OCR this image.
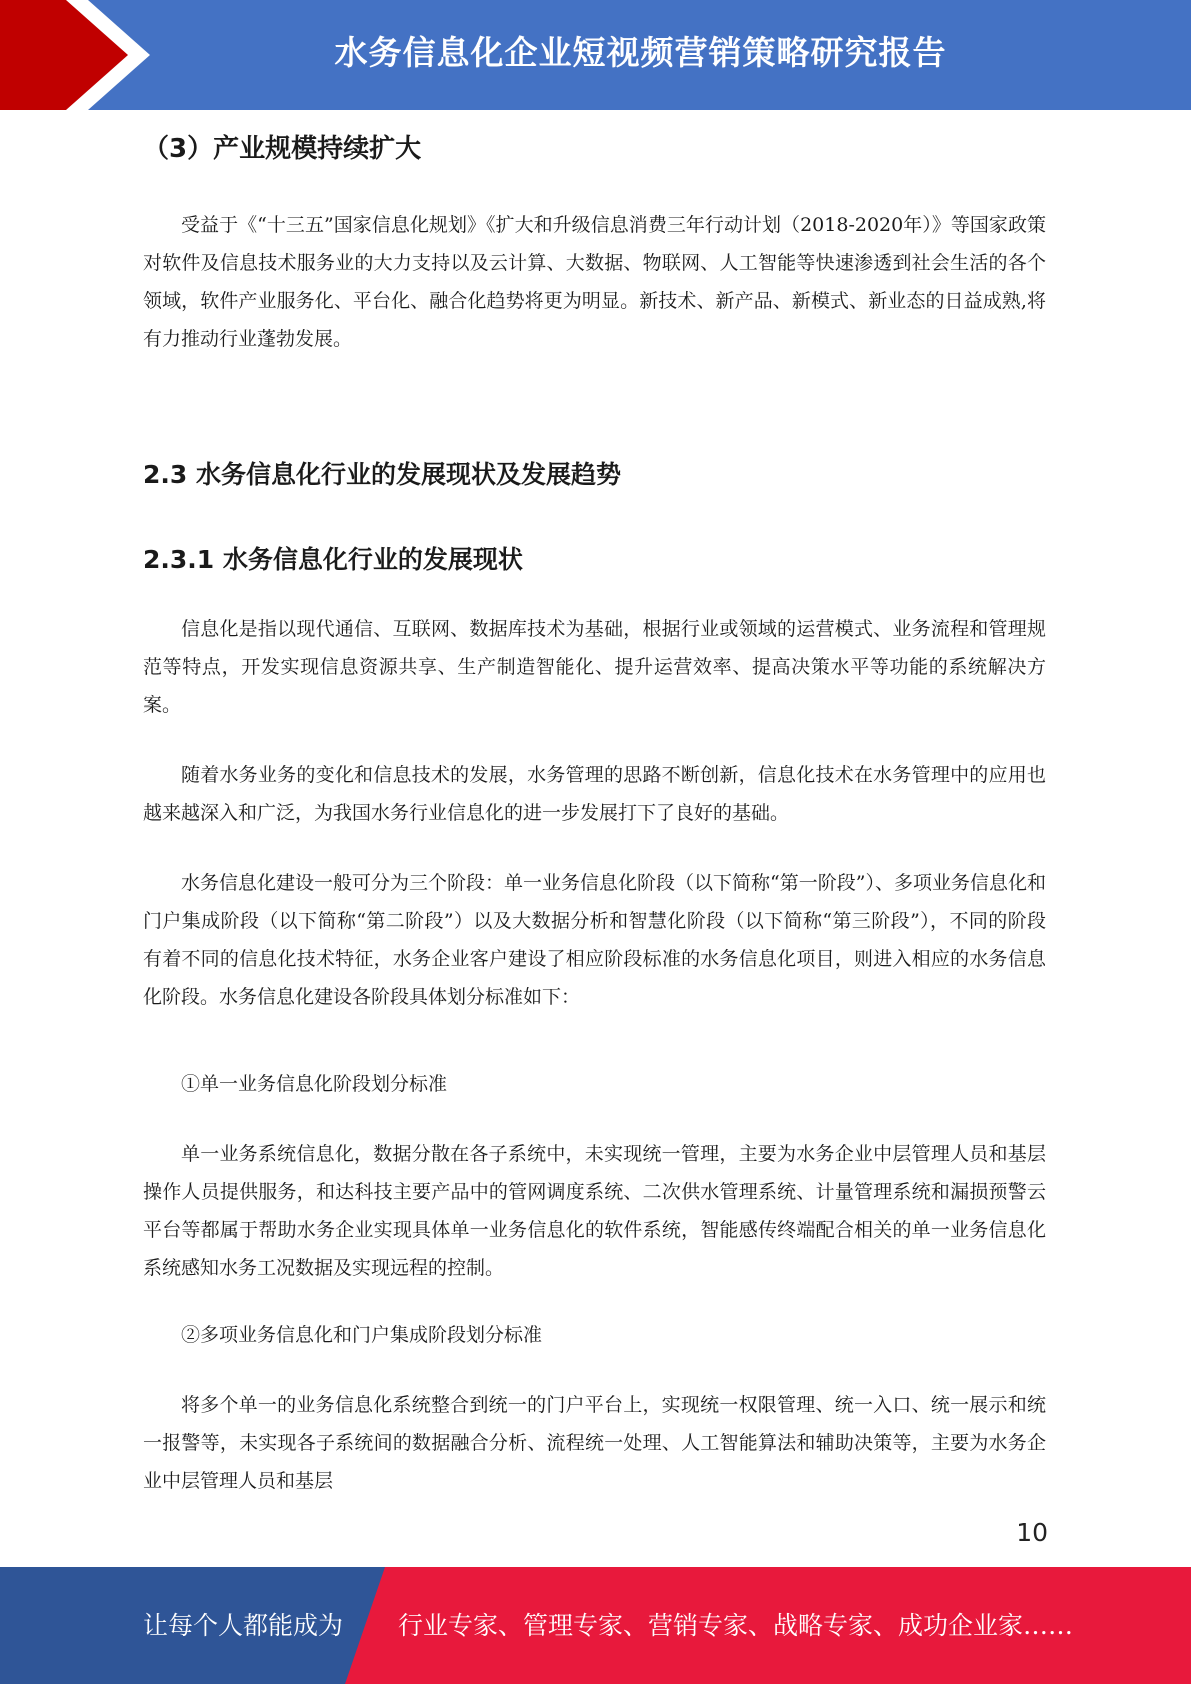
水务信息化企业短视频营销策略研究报告
（3）产业规模持续扩大

受益于《“十三五”国家信息化规划》《扩大和升级信息消费三年行动计划（2018-2020年）》等国家政策对软件及信息技术服务业的大力支持以及云计算、大数据、物联网、人工智能等快速渗透到社会生活的各个领域，软件产业服务化、平台化、融合化趋势将更为明显。新技术、新产品、新模式、新业态的日益成熟,将有力推动行业蓬勃发展。

2.3 水务信息化行业的发展现状及发展趋势
2.3.1 水务信息化行业的发展现状

信息化是指以现代通信、互联网、数据库技术为基础，根据行业或领域的运营模式、业务流程和管理规范等特点，开发实现信息资源共享、生产制造智能化、提升运营效率、提高决策水平等功能的系统解决方案。

随着水务业务的变化和信息技术的发展，水务管理的思路不断创新，信息化技术在水务管理中的应用也越来越深入和广泛，为我国水务行业信息化的进一步发展打下了良好的基础。

水务信息化建设一般可分为三个阶段：单一业务信息化阶段（以下简称“第一阶段”）、多项业务信息化和门户集成阶段（以下简称“第二阶段”）以及大数据分析和智慧化阶段（以下简称“第三阶段”），不同的阶段有着不同的信息化技术特征，水务企业客户建设了相应阶段标准的水务信息化项目，则进入相应的水务信息化阶段。水务信息化建设各阶段具体划分标准如下：

①单一业务信息化阶段划分标准

单一业务系统信息化，数据分散在各子系统中，未实现统一管理，主要为水务企业中层管理人员和基层操作人员提供服务，和达科技主要产品中的管网调度系统、二次供水管理系统、计量管理系统和漏损预警云平台等都属于帮助水务企业实现具体单一业务信息化的软件系统，智能感传终端配合相关的单一业务信息化系统感知水务工况数据及实现远程的控制。

②多项业务信息化和门户集成阶段划分标准

将多个单一的业务信息化系统整合到统一的门户平台上，实现统一权限管理、统一入口、统一展示和统一报警等，未实现各子系统间的数据融合分析、流程统一处理、人工智能算法和辅助决策等，主要为水务企业中层管理人员和基层

10
让每个人都能成为 行业专家、管理专家、营销专家、战略专家、成功企业家……
